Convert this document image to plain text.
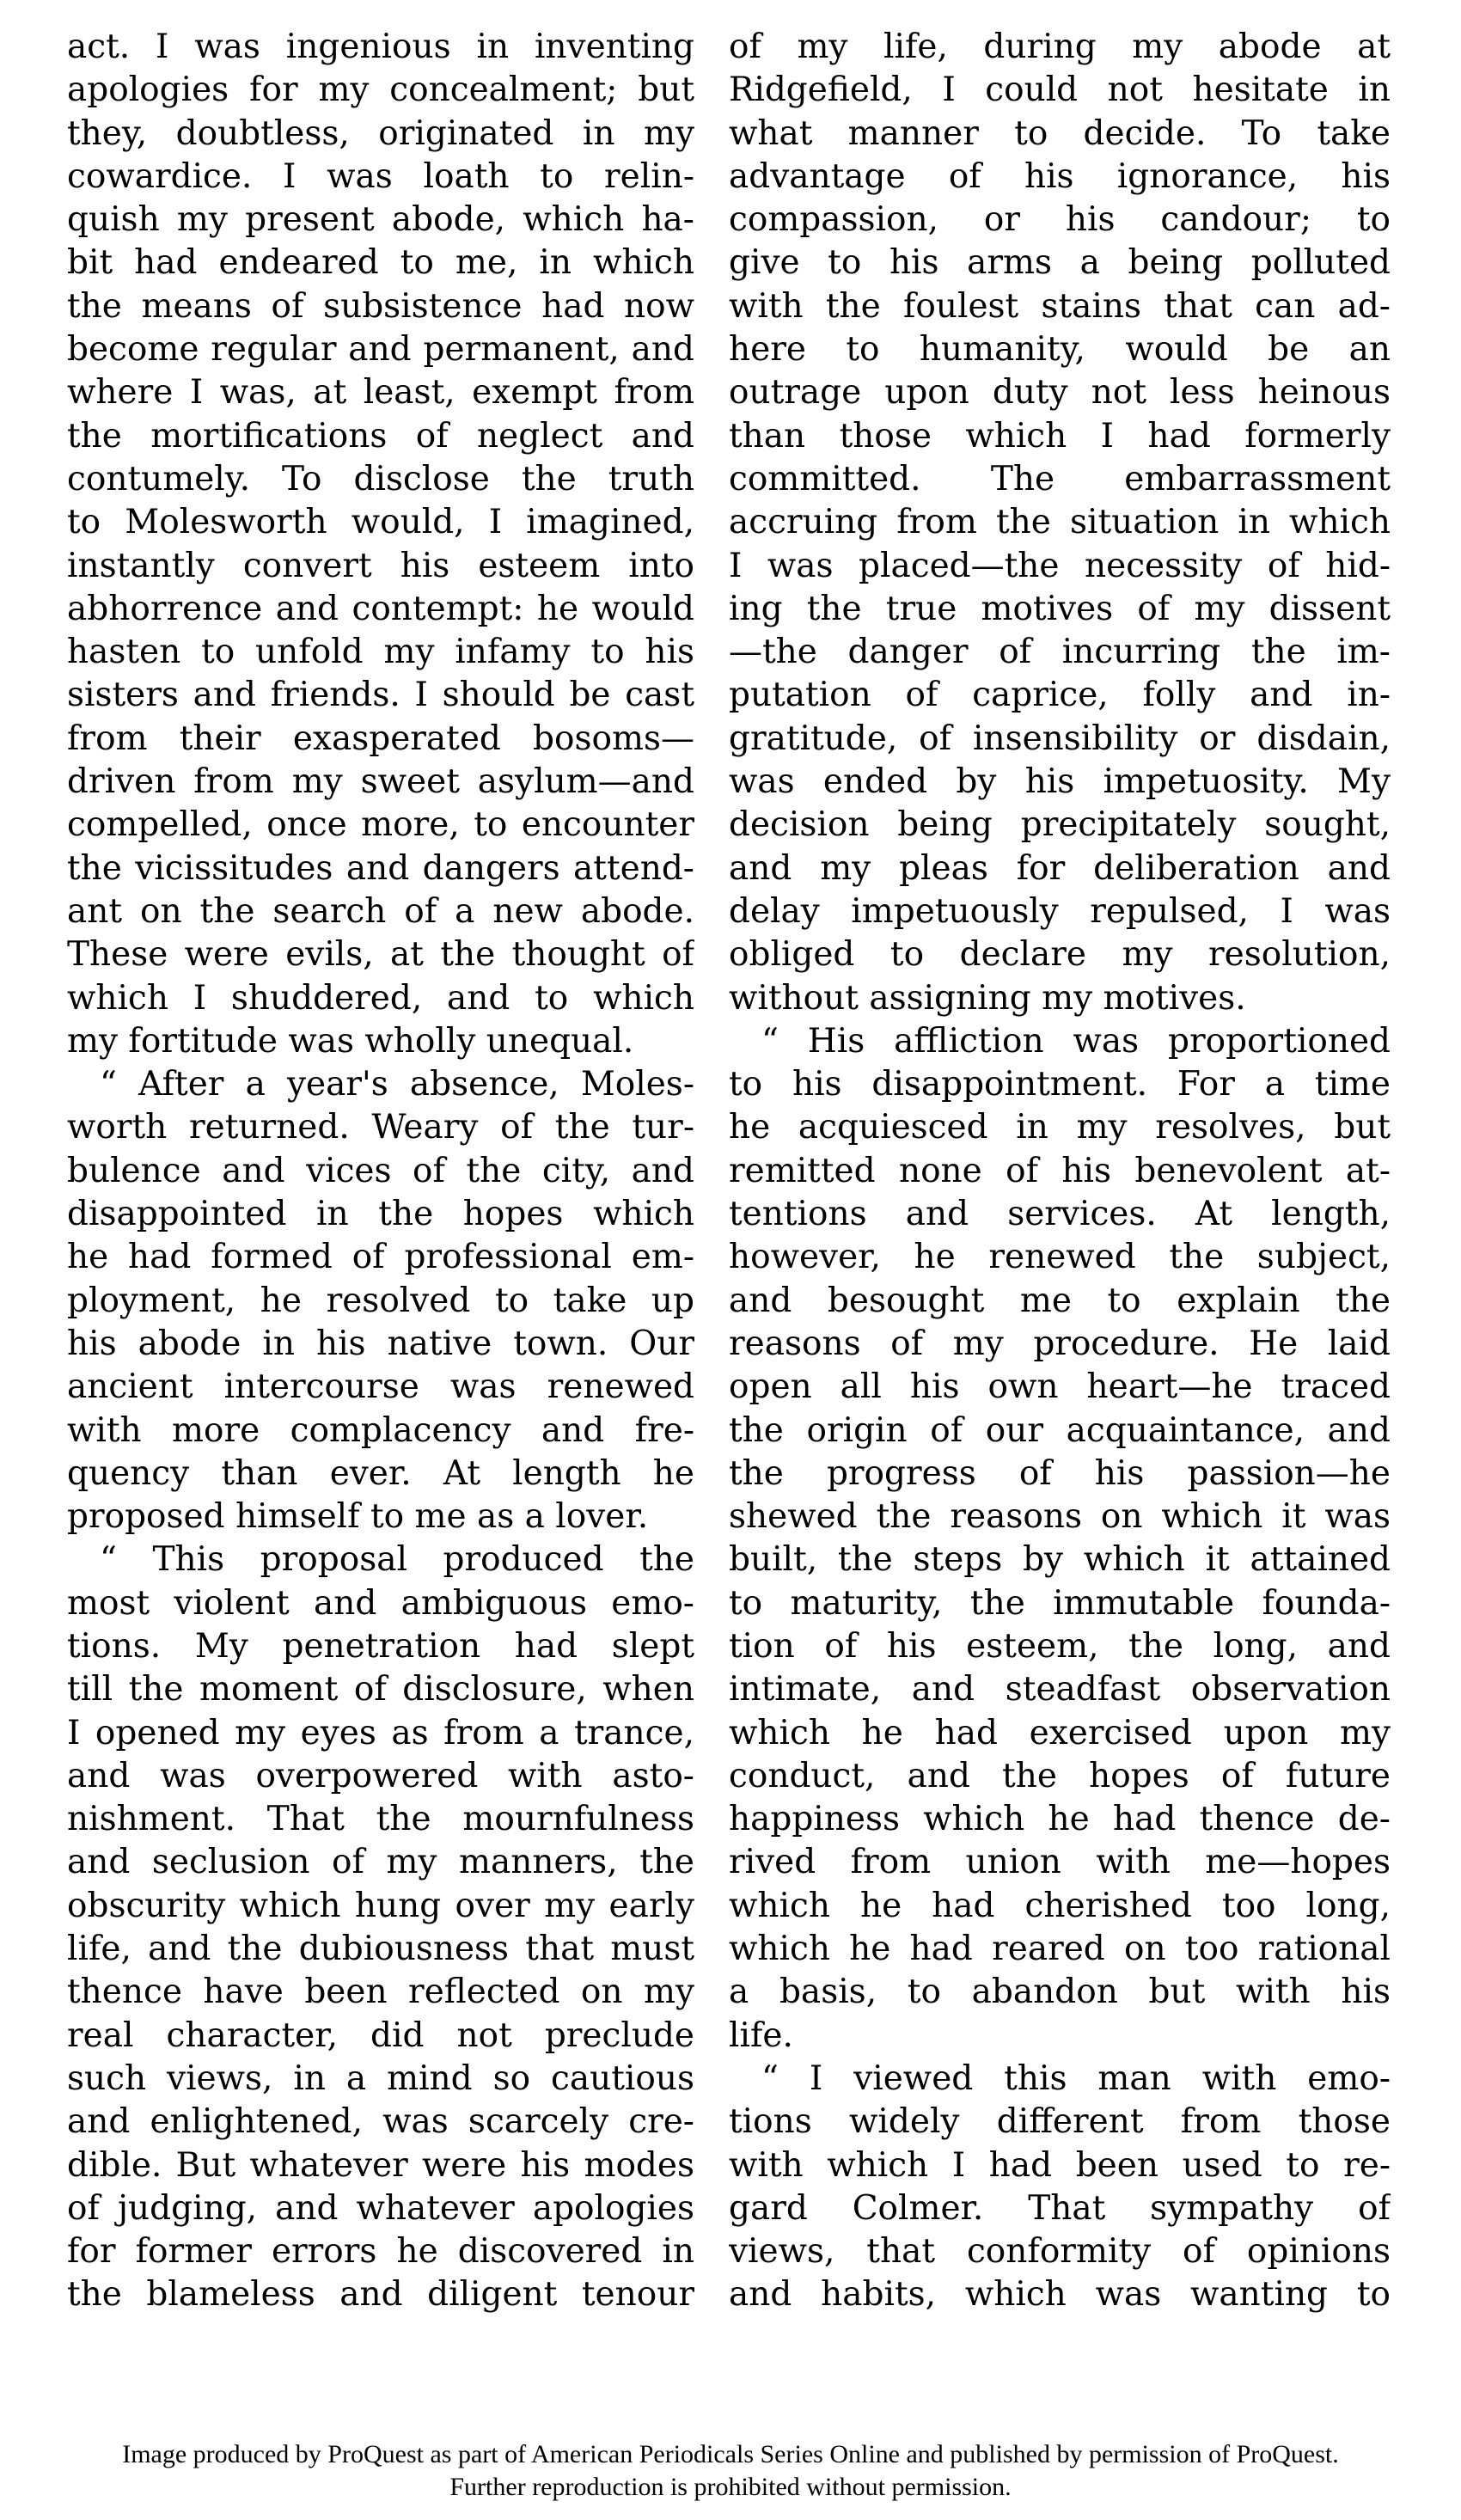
act. I was ingenious in inventing
apologies for my concealment; but
they, doubtless, originated in my
cowardice. I was loath to relin-
quish my present abode, which ha-
bit had endeared to me, in which
the means of subsistence had now
become regular and permanent, and
where I was, at least, exempt from
the mortifications of neglect and
contumely. To disclose the truth
to Molesworth would, I imagined,
instantly convert his esteem into
abhorrence and contempt: he would
hasten to unfold my infamy to his
sisters and friends. I should be cast
from their exasperated bosoms—
driven from my sweet asylum—and
compelled, once more, to encounter
the vicissitudes and dangers attend-
ant on the search of a new abode.
These were evils, at the thought of
which I shuddered, and to which
my fortitude was wholly unequal.
“ After a year's absence, Moles-
worth returned. Weary of the tur-
bulence and vices of the city, and
disappointed in the hopes which
he had formed of professional em-
ployment, he resolved to take up
his abode in his native town. Our
ancient intercourse was renewed
with more complacency and fre-
quency than ever. At length he
proposed himself to me as a lover.
“ This proposal produced the
most violent and ambiguous emo-
tions. My penetration had slept
till the moment of disclosure, when
I opened my eyes as from a trance,
and was overpowered with asto-
nishment. That the mournfulness
and seclusion of my manners, the
obscurity which hung over my early
life, and the dubiousness that must
thence have been reflected on my
real character, did not preclude
such views, in a mind so cautious
and enlightened, was scarcely cre-
dible. But whatever were his modes
of judging, and whatever apologies
for former errors he discovered in
the blameless and diligent tenour
of my life, during my abode at
Ridgefield, I could not hesitate in
what manner to decide. To take
advantage of his ignorance, his
compassion, or his candour; to
give to his arms a being polluted
with the foulest stains that can ad-
here to humanity, would be an
outrage upon duty not less heinous
than those which I had formerly
committed. The embarrassment
accruing from the situation in which
I was placed—the necessity of hid-
ing the true motives of my dissent
—the danger of incurring the im-
putation of caprice, folly and in-
gratitude, of insensibility or disdain,
was ended by his impetuosity. My
decision being precipitately sought,
and my pleas for deliberation and
delay impetuously repulsed, I was
obliged to declare my resolution,
without assigning my motives.
“ His affliction was proportioned
to his disappointment. For a time
he acquiesced in my resolves, but
remitted none of his benevolent at-
tentions and services. At length,
however, he renewed the subject,
and besought me to explain the
reasons of my procedure. He laid
open all his own heart—he traced
the origin of our acquaintance, and
the progress of his passion—he
shewed the reasons on which it was
built, the steps by which it attained
to maturity, the immutable founda-
tion of his esteem, the long, and
intimate, and steadfast observation
which he had exercised upon my
conduct, and the hopes of future
happiness which he had thence de-
rived from union with me—hopes
which he had cherished too long,
which he had reared on too rational
a basis, to abandon but with his
life.
“ I viewed this man with emo-
tions widely different from those
with which I had been used to re-
gard Colmer. That sympathy of
views, that conformity of opinions
and habits, which was wanting to
Image produced by ProQuest as part of American Periodicals Series Online and published by permission of ProQuest.
Further reproduction is prohibited without permission.
